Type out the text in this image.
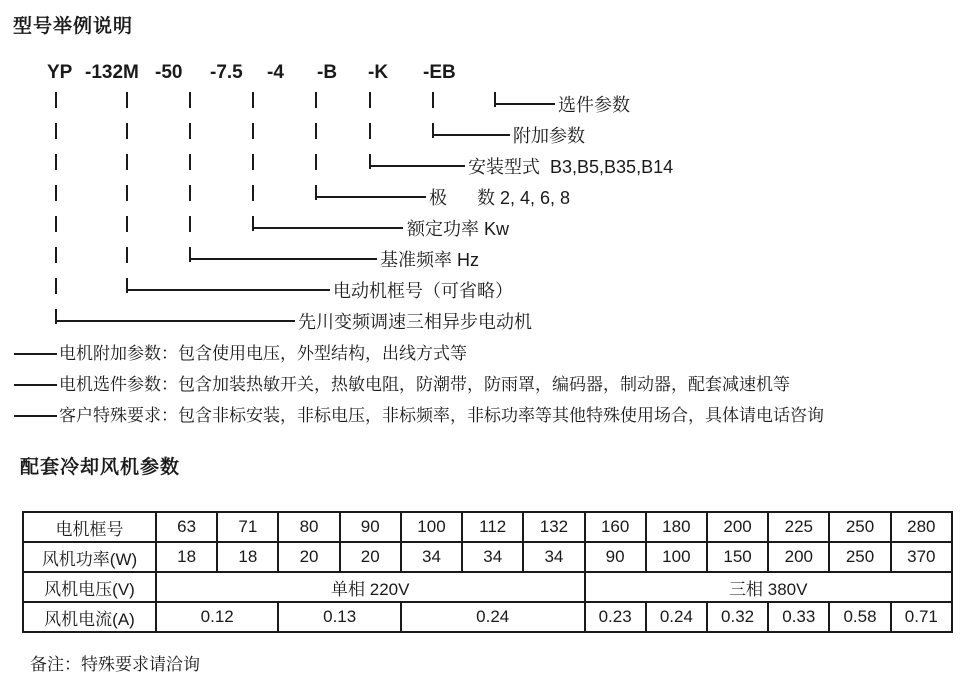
型号举例说明
YP -132M -50 -7.5 -4 -B -K -EB
选件参数
附加参数
安装型式  B3,B5,B35,B14
极      数 2, 4, 6, 8
额定功率 Kw
基准频率 Hz
电动机框号（可省略）
先川变频调速三相异步电动机
电机附加参数：包含使用电压，外型结构，出线方式等
电机选件参数：包含加装热敏开关，热敏电阻，防潮带，防雨罩，编码器，制动器，配套减速机等
客户特殊要求：包含非标安装，非标电压，非标频率，非标功率等其他特殊使用场合，具体请电话咨询
配套冷却风机参数
电机框号	63	71	80	90	100	112	132	160	180	200	225	250	280
风机功率(W)	18	18	20	20	34	34	34	90	100	150	200	250	370
风机电压(V)	单相 220V							三相 380V					
风机电流(A)	0.12		0.13		0.24			0.23	0.24	0.32	0.33	0.58	0.71
备注：特殊要求请洽询
